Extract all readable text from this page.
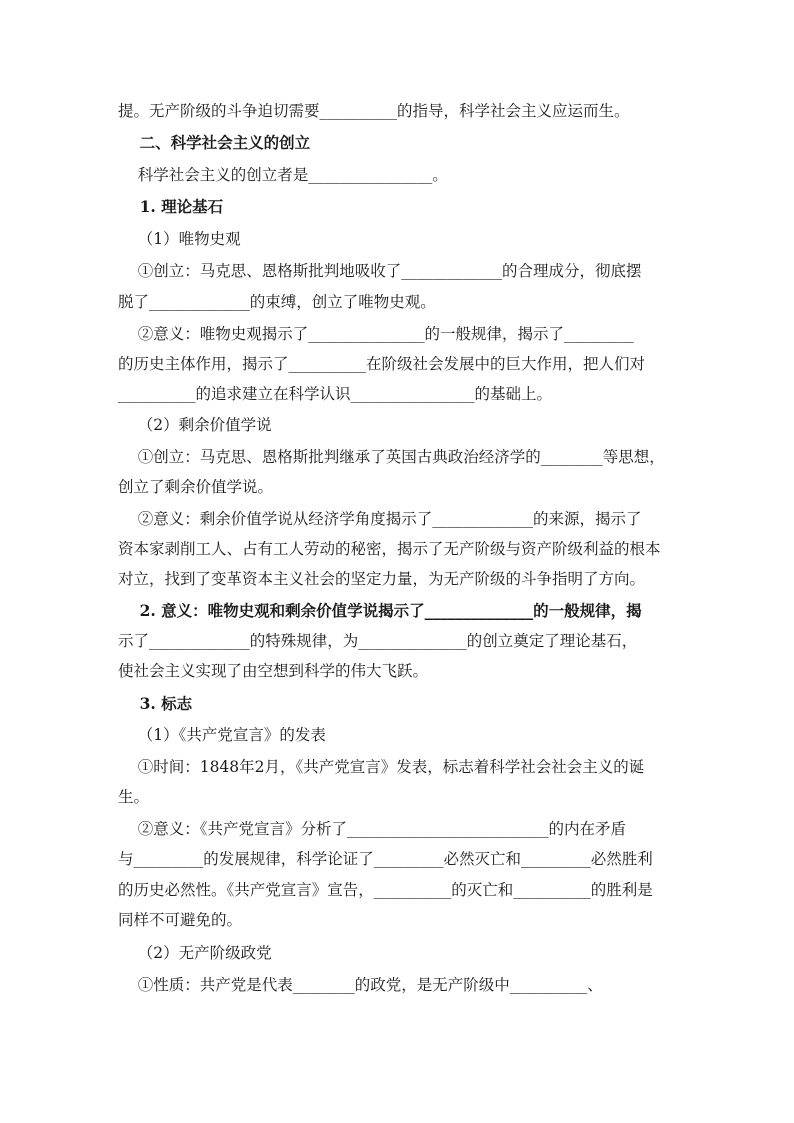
提。无产阶级的斗争迫切需要__________的指导，科学社会主义应运而生。
二、科学社会主义的创立
科学社会主义的创立者是________________。
1. 理论基石
（1）唯物史观
①创立：马克思、恩格斯批判地吸收了_____________的合理成分，彻底摆
脱了_____________的束缚，创立了唯物史观。
②意义：唯物史观揭示了_______________的一般规律，揭示了_________
的历史主体作用，揭示了__________在阶级社会发展中的巨大作用，把人们对
__________的追求建立在科学认识________________的基础上。
（2）剩余价值学说
①创立：马克思、恩格斯批判继承了英国古典政治经济学的________等思想，
创立了剩余价值学说。
②意义：剩余价值学说从经济学角度揭示了_____________的来源，揭示了
资本家剥削工人、占有工人劳动的秘密，揭示了无产阶级与资产阶级利益的根本
对立，找到了变革资本主义社会的坚定力量，为无产阶级的斗争指明了方向。
2. 意义：唯物史观和剩余价值学说揭示了______________的一般规律，揭
示了_____________的特殊规律，为______________的创立奠定了理论基石，
使社会主义实现了由空想到科学的伟大飞跃。
3. 标志
（1）《共产党宣言》的发表
①时间：1848年2月，《共产党宣言》发表，标志着科学社会社会主义的诞
生。
②意义：《共产党宣言》分析了__________________________的内在矛盾
与_________的发展规律，科学论证了_________必然灭亡和_________必然胜利
的历史必然性。《共产党宣言》宣告，__________的灭亡和__________的胜利是
同样不可避免的。
（2）无产阶级政党
①性质：共产党是代表________的政党，是无产阶级中__________、
